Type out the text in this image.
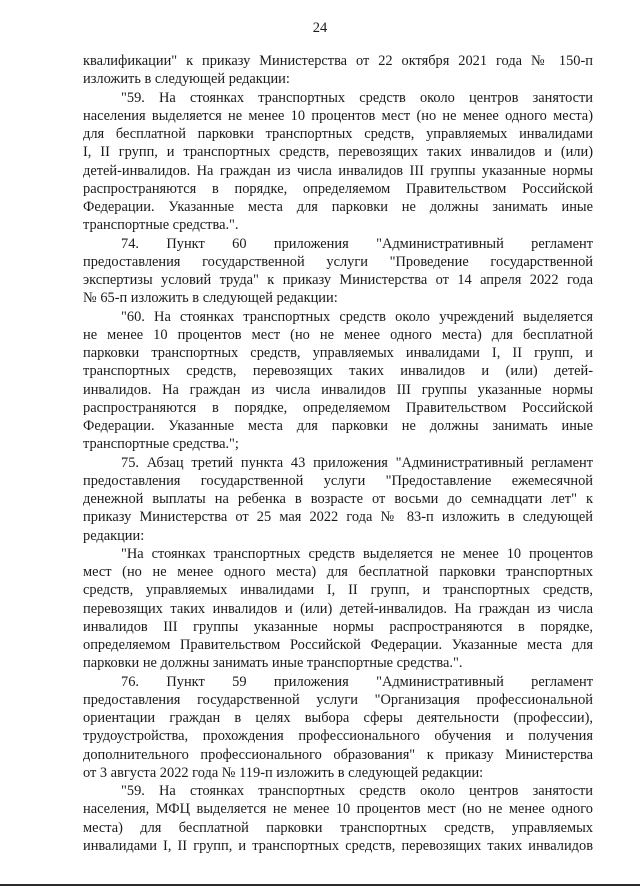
24
квалификации" к приказу Министерства от 22 октября 2021 года № 150-п
изложить в следующей редакции:
"59. На стоянках транспортных средств около центров занятости
населения выделяется не менее 10 процентов мест (но не менее одного места)
для бесплатной парковки транспортных средств, управляемых инвалидами
I, II групп, и транспортных средств, перевозящих таких инвалидов и (или)
детей-инвалидов. На граждан из числа инвалидов III группы указанные нормы
распространяются в порядке, определяемом Правительством Российской
Федерации. Указанные места для парковки не должны занимать иные
транспортные средства.".
74. Пункт 60 приложения "Административный регламент
предоставления государственной услуги "Проведение государственной
экспертизы условий труда" к приказу Министерства от 14 апреля 2022 года
№ 65-п изложить в следующей редакции:
"60. На стоянках транспортных средств около учреждений выделяется
не менее 10 процентов мест (но не менее одного места) для бесплатной
парковки транспортных средств, управляемых инвалидами I, II групп, и
транспортных средств, перевозящих таких инвалидов и (или) детей-
инвалидов. На граждан из числа инвалидов III группы указанные нормы
распространяются в порядке, определяемом Правительством Российской
Федерации. Указанные места для парковки не должны занимать иные
транспортные средства.";
75. Абзац третий пункта 43 приложения "Административный регламент
предоставления государственной услуги "Предоставление ежемесячной
денежной выплаты на ребенка в возрасте от восьми до семнадцати лет" к
приказу Министерства от 25 мая 2022 года № 83-п изложить в следующей
редакции:
"На стоянках транспортных средств выделяется не менее 10 процентов
мест (но не менее одного места) для бесплатной парковки транспортных
средств, управляемых инвалидами I, II групп, и транспортных средств,
перевозящих таких инвалидов и (или) детей-инвалидов. На граждан из числа
инвалидов III группы указанные нормы распространяются в порядке,
определяемом Правительством Российской Федерации. Указанные места для
парковки не должны занимать иные транспортные средства.".
76. Пункт 59 приложения "Административный регламент
предоставления государственной услуги "Организация профессиональной
ориентации граждан в целях выбора сферы деятельности (профессии),
трудоустройства, прохождения профессионального обучения и получения
дополнительного профессионального образования" к приказу Министерства
от 3 августа 2022 года № 119-п изложить в следующей редакции:
"59. На стоянках транспортных средств около центров занятости
населения, МФЦ выделяется не менее 10 процентов мест (но не менее одного
места) для бесплатной парковки транспортных средств, управляемых
инвалидами I, II групп, и транспортных средств, перевозящих таких инвалидов
